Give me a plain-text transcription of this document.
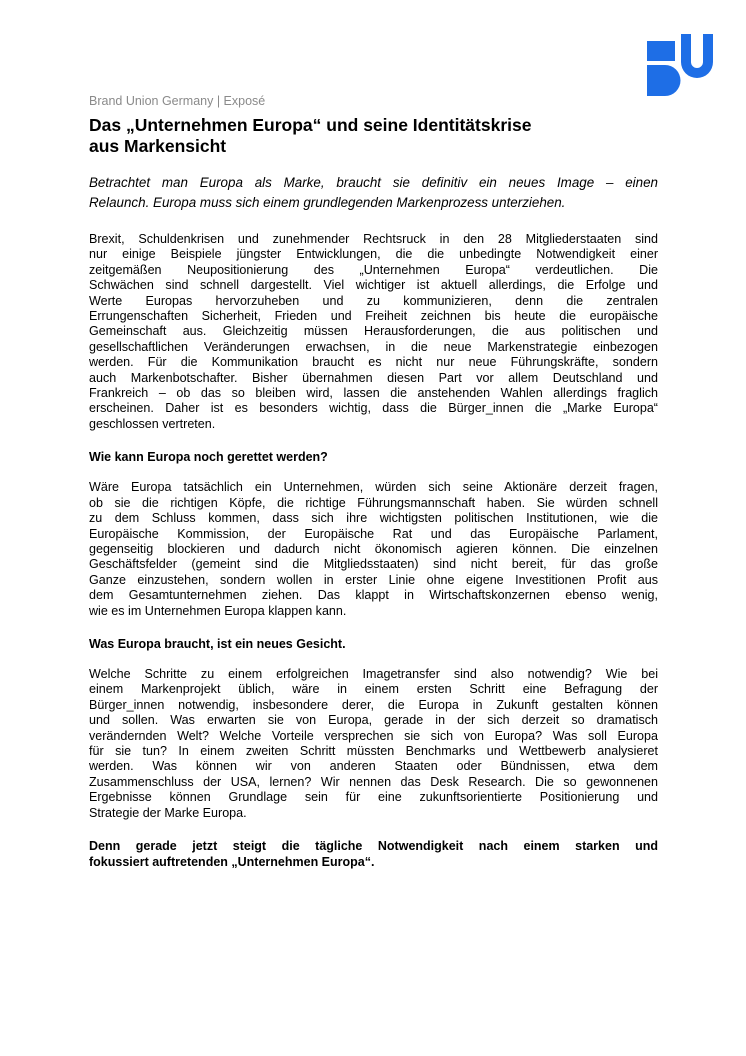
Brand Union Germany | Exposé

Das „Unternehmen Europa“ und seine Identitätskrise
aus Markensicht

Betrachtet man Europa als Marke, braucht sie definitiv ein neues Image – einen
Relaunch. Europa muss sich einem grundlegenden Markenprozess unterziehen.

Brexit, Schuldenkrisen und zunehmender Rechtsruck in den 28 Mitgliederstaaten sind
nur einige Beispiele jüngster Entwicklungen, die die unbedingte Notwendigkeit einer
zeitgemäßen Neupositionierung des „Unternehmen Europa“ verdeutlichen. Die
Schwächen sind schnell dargestellt. Viel wichtiger ist aktuell allerdings, die Erfolge und
Werte Europas hervorzuheben und zu kommunizieren, denn die zentralen
Errungenschaften Sicherheit, Frieden und Freiheit zeichnen bis heute die europäische
Gemeinschaft aus. Gleichzeitig müssen Herausforderungen, die aus politischen und
gesellschaftlichen Veränderungen erwachsen, in die neue Markenstrategie einbezogen
werden. Für die Kommunikation braucht es nicht nur neue Führungskräfte, sondern
auch Markenbotschafter. Bisher übernahmen diesen Part vor allem Deutschland und
Frankreich – ob das so bleiben wird, lassen die anstehenden Wahlen allerdings fraglich
erscheinen. Daher ist es besonders wichtig, dass die Bürger_innen die „Marke Europa“
geschlossen vertreten.

Wie kann Europa noch gerettet werden?

Wäre Europa tatsächlich ein Unternehmen, würden sich seine Aktionäre derzeit fragen,
ob sie die richtigen Köpfe, die richtige Führungsmannschaft haben. Sie würden schnell
zu dem Schluss kommen, dass sich ihre wichtigsten politischen Institutionen, wie die
Europäische Kommission, der Europäische Rat und das Europäische Parlament,
gegenseitig blockieren und dadurch nicht ökonomisch agieren können. Die einzelnen
Geschäftsfelder (gemeint sind die Mitgliedsstaaten) sind nicht bereit, für das große
Ganze einzustehen, sondern wollen in erster Linie ohne eigene Investitionen Profit aus
dem Gesamtunternehmen ziehen. Das klappt in Wirtschaftskonzernen ebenso wenig,
wie es im Unternehmen Europa klappen kann.

Was Europa braucht, ist ein neues Gesicht.

Welche Schritte zu einem erfolgreichen Imagetransfer sind also notwendig? Wie bei
einem Markenprojekt üblich, wäre in einem ersten Schritt eine Befragung der
Bürger_innen notwendig, insbesondere derer, die Europa in Zukunft gestalten können
und sollen. Was erwarten sie von Europa, gerade in der sich derzeit so dramatisch
verändernden Welt? Welche Vorteile versprechen sie sich von Europa? Was soll Europa
für sie tun? In einem zweiten Schritt müssten Benchmarks und Wettbewerb analysieret
werden. Was können wir von anderen Staaten oder Bündnissen, etwa dem
Zusammenschluss der USA, lernen? Wir nennen das Desk Research. Die so gewonnenen
Ergebnisse können Grundlage sein für eine zukunftsorientierte Positionierung und
Strategie der Marke Europa.

Denn gerade jetzt steigt die tägliche Notwendigkeit nach einem starken und
fokussiert auftretenden „Unternehmen Europa“.
